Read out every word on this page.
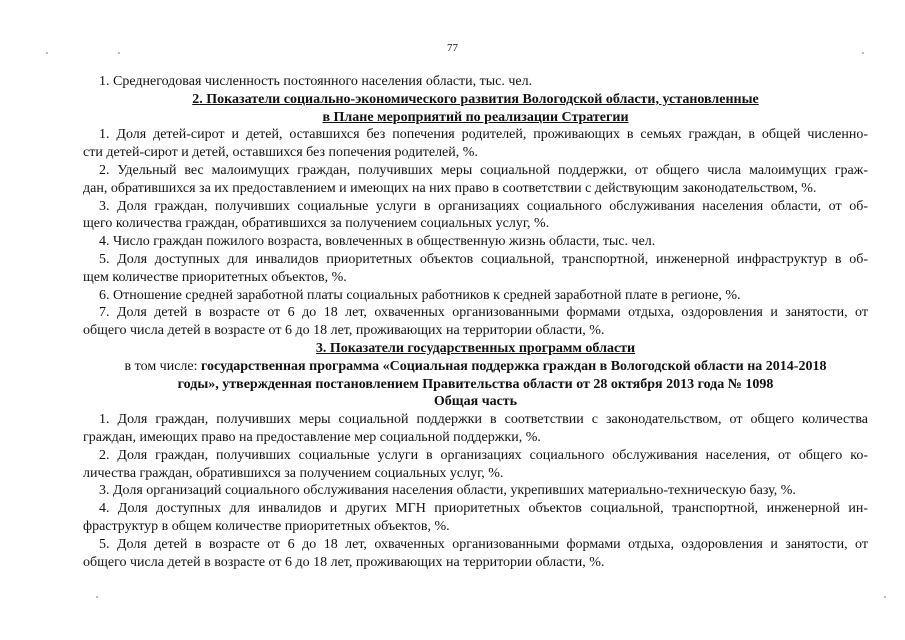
77

1. Среднегодовая численность постоянного населения области, тыс. чел.

2. Показатели социально-экономического развития Вологодской области, установленные

в Плане мероприятий по реализации Стратегии

1. Доля детей-сирот и детей, оставшихся без попечения родителей, проживающих в семьях граждан, в общей численно-
сти детей-сирот и детей, оставшихся без попечения родителей, %.

2. Удельный вес малоимущих граждан, получивших меры социальной поддержки, от общего числа малоимущих граж-
дан, обратившихся за их предоставлением и имеющих на них право в соответствии с действующим законодательством, %.

3. Доля граждан, получивших социальные услуги в организациях социального обслуживания населения области, от об-
щего количества граждан, обратившихся за получением социальных услуг, %.

4. Число граждан пожилого возраста, вовлеченных в общественную жизнь области, тыс. чел.

5. Доля доступных для инвалидов приоритетных объектов социальной, транспортной, инженерной инфраструктур в об-
щем количестве приоритетных объектов, %.

6. Отношение средней заработной платы социальных работников к средней заработной плате в регионе, %.

7. Доля детей в возрасте от 6 до 18 лет, охваченных организованными формами отдыха, оздоровления и занятости, от
общего числа детей в возрасте от 6 до 18 лет, проживающих на территории области, %.

3. Показатели государственных программ области

в том числе: государственная программа «Социальная поддержка граждан в Вологодской области на 2014-2018

годы», утвержденная постановлением Правительства области от 28 октября 2013 года № 1098

Общая часть

1. Доля граждан, получивших меры социальной поддержки в соответствии с законодательством, от общего количества
граждан, имеющих право на предоставление мер социальной поддержки, %.

2. Доля граждан, получивших социальные услуги в организациях социального обслуживания населения, от общего ко-
личества граждан, обратившихся за получением социальных услуг, %.

3. Доля организаций социального обслуживания населения области, укрепивших материально-техническую базу, %.

4. Доля доступных для инвалидов и других МГН приоритетных объектов социальной, транспортной, инженерной ин-
фраструктур в общем количестве приоритетных объектов, %.

5. Доля детей в возрасте от 6 до 18 лет, охваченных организованными формами отдыха, оздоровления и занятости, от
общего числа детей в возрасте от 6 до 18 лет, проживающих на территории области, %.
